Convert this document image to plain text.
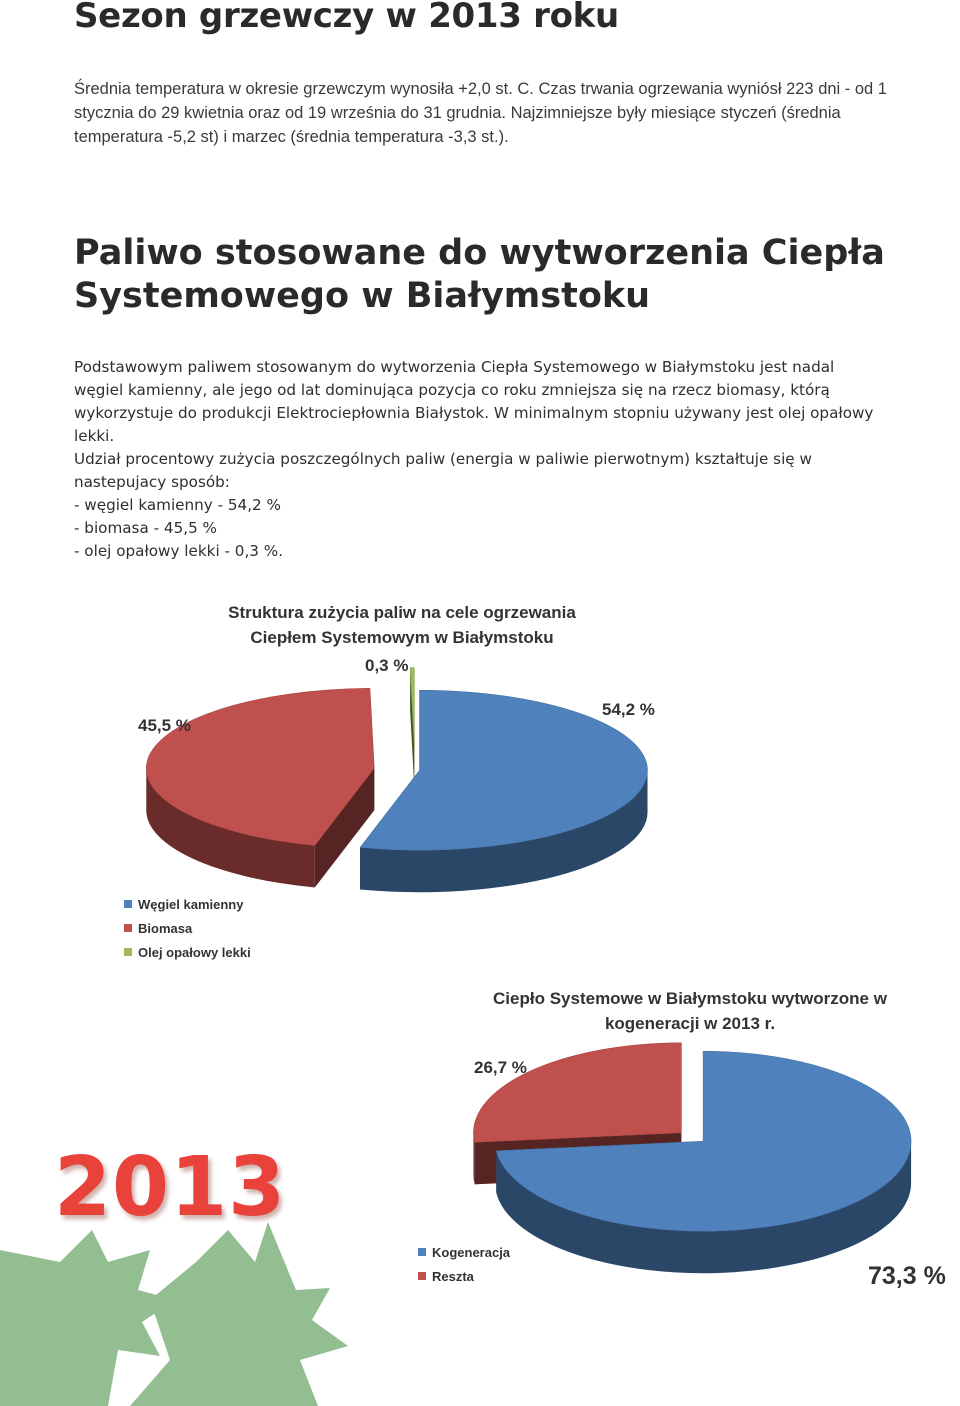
Sezon grzewczy w 2013 roku

Średnia temperatura w okresie grzewczym wynosiła +2,0 st. C. Czas trwania ogrzewania wyniósł 223 dni - od 1 stycznia do 29 kwietnia oraz od 19 września do 31 grudnia. Najzimniejsze były miesiące styczeń (średnia temperatura -5,2 st) i marzec (średnia temperatura -3,3 st.).

Paliwo stosowane do wytworzenia Ciepła Systemowego w Białymstoku

Podstawowym paliwem stosowanym do wytworzenia Ciepła Systemowego w Białymstoku jest nadal węgiel kamienny, ale jego od lat dominująca pozycja co roku zmniejsza się na rzecz biomasy, którą wykorzystuje do produkcji Elektrociepłownia Białystok. W minimalnym stopniu używany jest olej opałowy lekki.

Udział procentowy zużycia poszczególnych paliw (energia w paliwie pierwotnym) kształtuje się w nastepujacy sposób:

- węgiel kamienny - 54,2 %

- biomasa - 45,5 %

- olej opałowy lekki - 0,3 %.

Struktura zużycia paliw na cele ogrzewania Ciepłem Systemowym w Białymstoku
54,2 %
45,5 %
0,3 %
Węgiel kamienny
Biomasa
Olej opałowy lekki
Ciepło Systemowe w Białymstoku wytworzone w kogeneracji w 2013 r.
73,3 %
26,7 %
Kogeneracja
Reszta
2013
